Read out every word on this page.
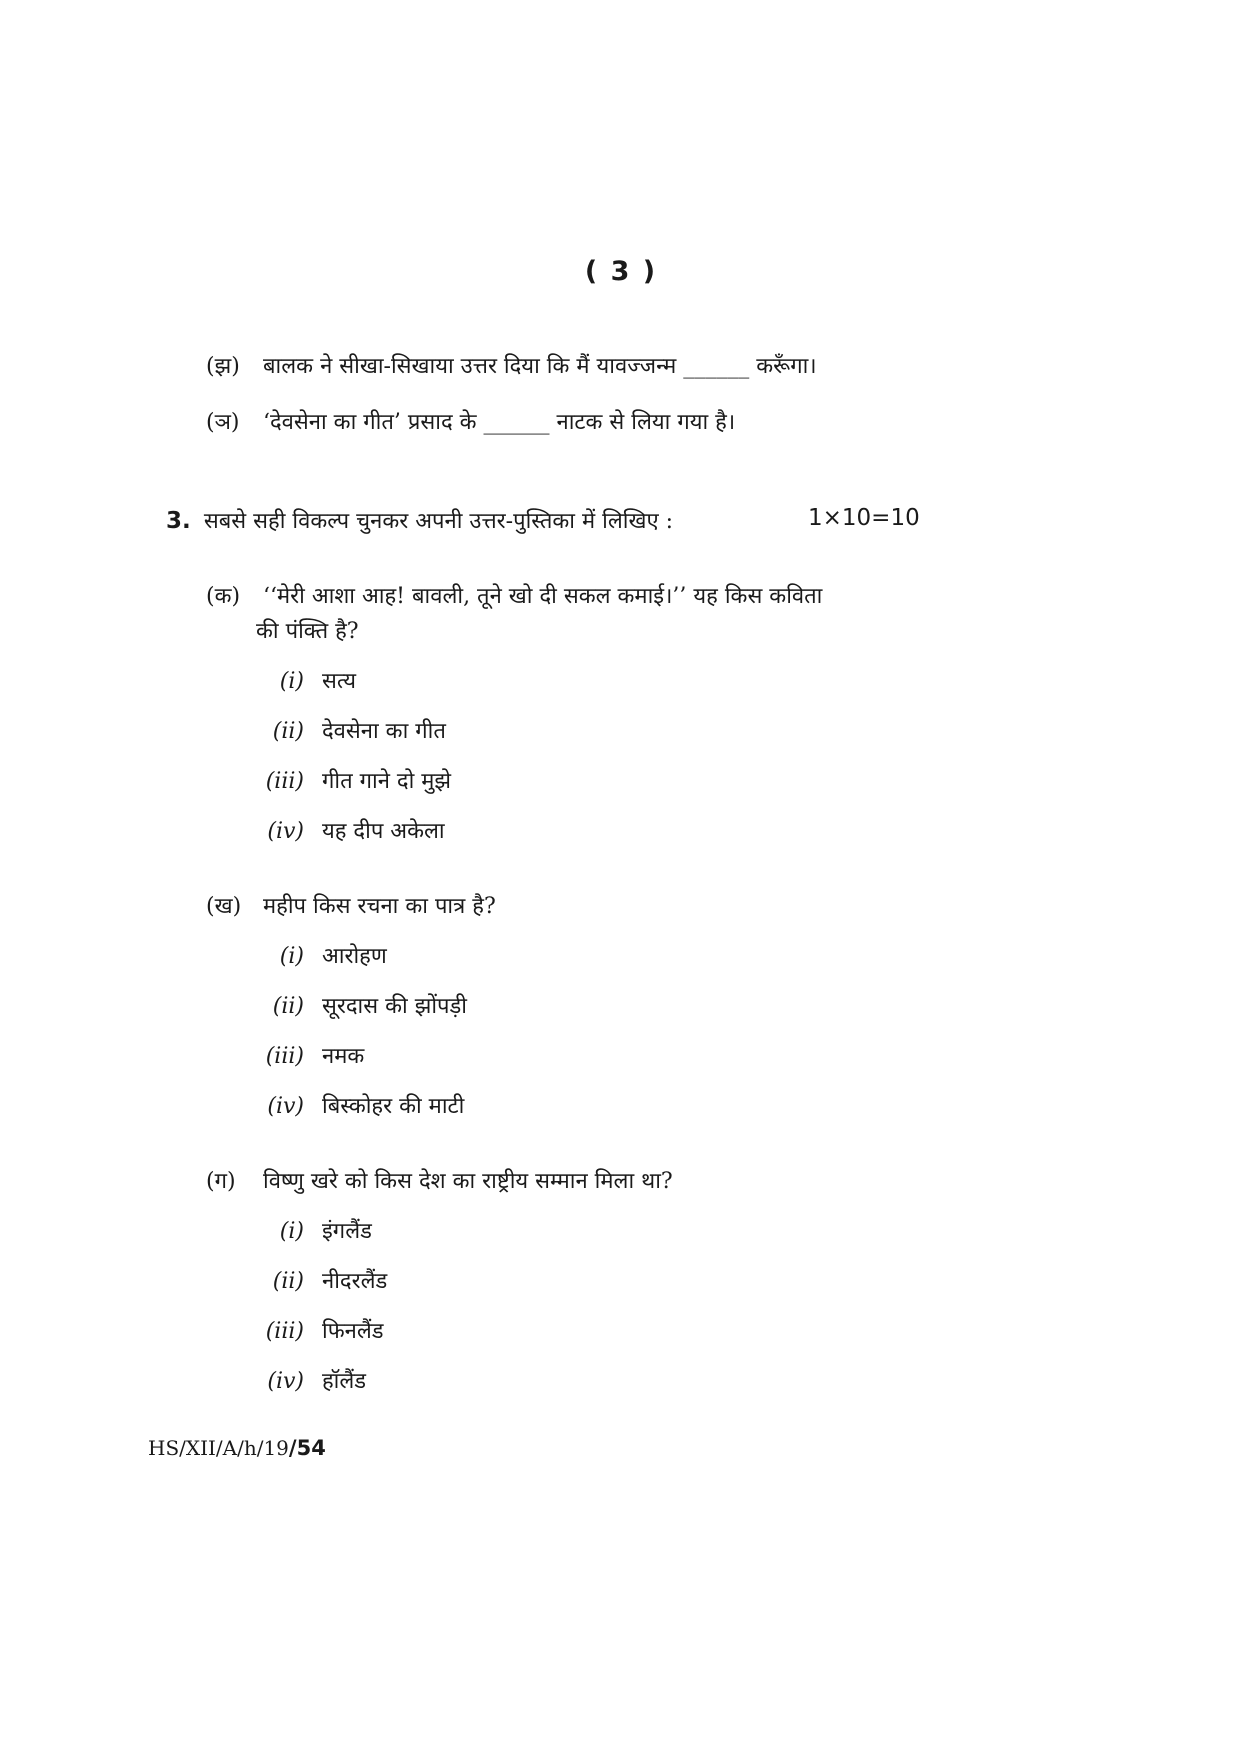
( 3 )
(झ) बालक ने सीखा-सिखाया उत्तर दिया कि मैं यावज्जन्म ______ करूँगा।
(ञ) ‘देवसेना का गीत’ प्रसाद के ______ नाटक से लिया गया है।
3. सबसे सही विकल्प चुनकर अपनी उत्तर-पुस्तिका में लिखिए :	1×10=10
(क) ‘‘मेरी आशा आह! बावली, तूने खो दी सकल कमाई।’’ यह किस कविता
की पंक्ति है?
(i) सत्य
(ii) देवसेना का गीत
(iii) गीत गाने दो मुझे
(iv) यह दीप अकेला
(ख) महीप किस रचना का पात्र है?
(i) आरोहण
(ii) सूरदास की झोंपड़ी
(iii) नमक
(iv) बिस्कोहर की माटी
(ग) विष्णु खरे को किस देश का राष्ट्रीय सम्मान मिला था?
(i) इंगलैंड
(ii) नीदरलैंड
(iii) फिनलैंड
(iv) हॉलैंड
HS/XII/A/h/19/54
